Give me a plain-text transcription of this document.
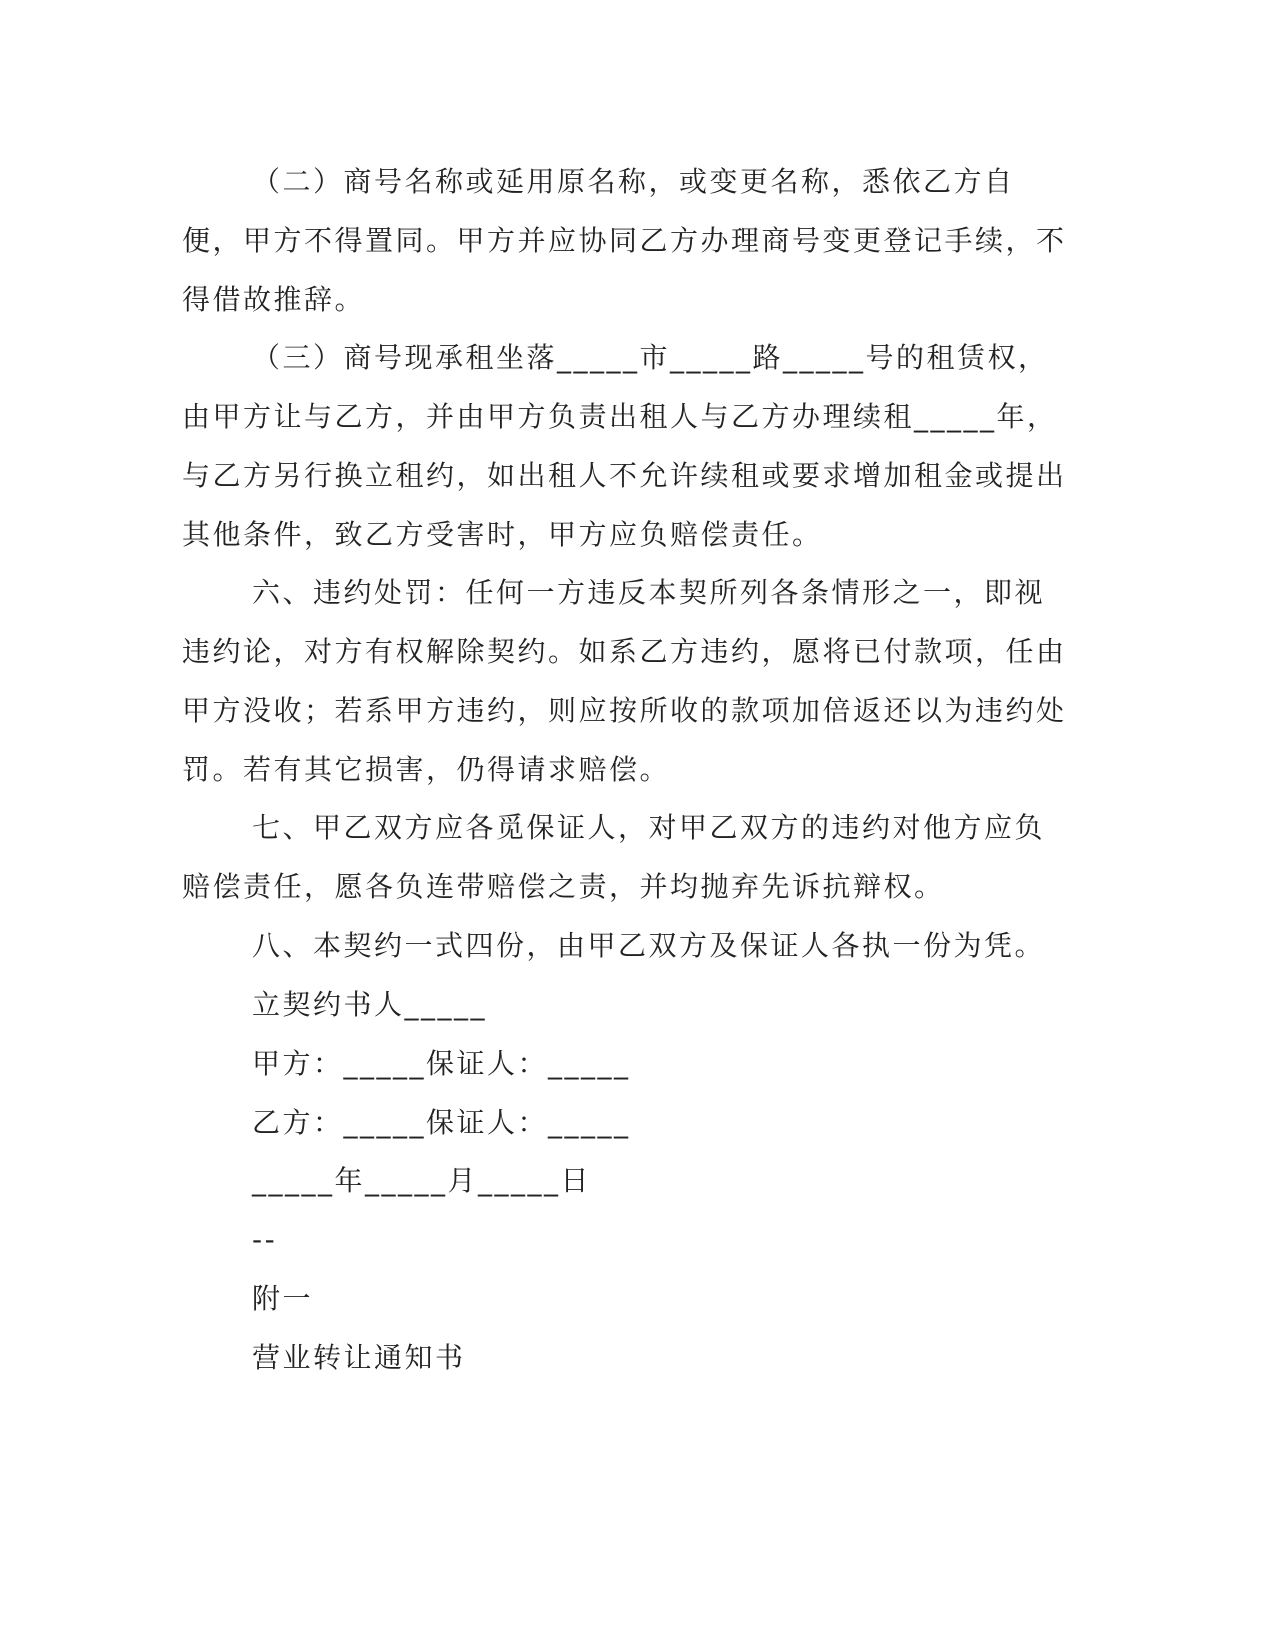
（二）商号名称或延用原名称，或变更名称，悉依乙方自便，甲方不得置同。甲方并应协同乙方办理商号变更登记手续，不得借故推辞。

（三）商号现承租坐落_____市_____路_____号的租赁权，由甲方让与乙方，并由甲方负责出租人与乙方办理续租_____年，与乙方另行换立租约，如出租人不允许续租或要求增加租金或提出其他条件，致乙方受害时，甲方应负赔偿责任。

六、违约处罚：任何一方违反本契所列各条情形之一，即视违约论，对方有权解除契约。如系乙方违约，愿将已付款项，任由甲方没收；若系甲方违约，则应按所收的款项加倍返还以为违约处罚。若有其它损害，仍得请求赔偿。

七、甲乙双方应各觅保证人，对甲乙双方的违约对他方应负赔偿责任，愿各负连带赔偿之责，并均抛弃先诉抗辩权。

八、本契约一式四份，由甲乙双方及保证人各执一份为凭。

立契约书人_____

甲方：_____保证人：_____

乙方：_____保证人：_____

_____年_____月_____日

--

附一

营业转让通知书
